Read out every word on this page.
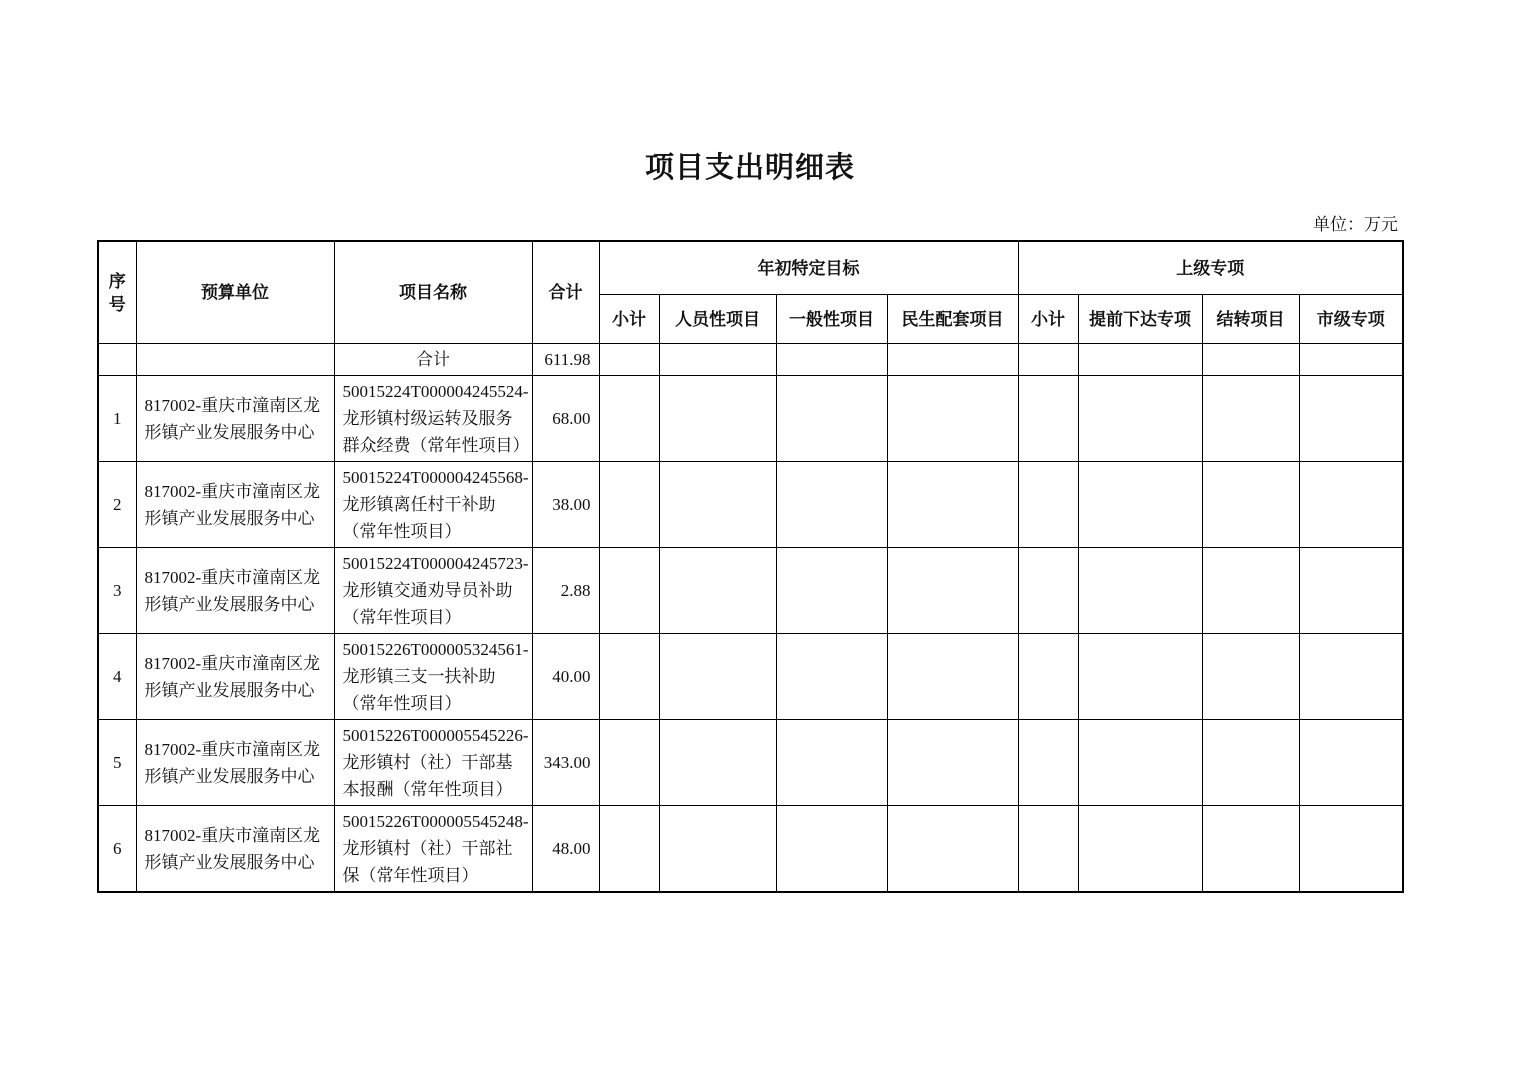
项目支出明细表
单位：万元
序号	预算单位	项目名称	合计	年初特定目标				上级专项			
				小计	人员性项目	一般性项目	民生配套项目	小计	提前下达专项	结转项目	市级专项
		合计	611.98								
1	817002-重庆市潼南区龙形镇产业发展服务中心	50015224T000004245524-龙形镇村级运转及服务群众经费（常年性项目）	68.00								
2	817002-重庆市潼南区龙形镇产业发展服务中心	50015224T000004245568-龙形镇离任村干补助（常年性项目）	38.00								
3	817002-重庆市潼南区龙形镇产业发展服务中心	50015224T000004245723-龙形镇交通劝导员补助（常年性项目）	2.88								
4	817002-重庆市潼南区龙形镇产业发展服务中心	50015226T000005324561-龙形镇三支一扶补助（常年性项目）	40.00								
5	817002-重庆市潼南区龙形镇产业发展服务中心	50015226T000005545226-龙形镇村（社）干部基本报酬（常年性项目）	343.00								
6	817002-重庆市潼南区龙形镇产业发展服务中心	50015226T000005545248-龙形镇村（社）干部社保（常年性项目）	48.00								
